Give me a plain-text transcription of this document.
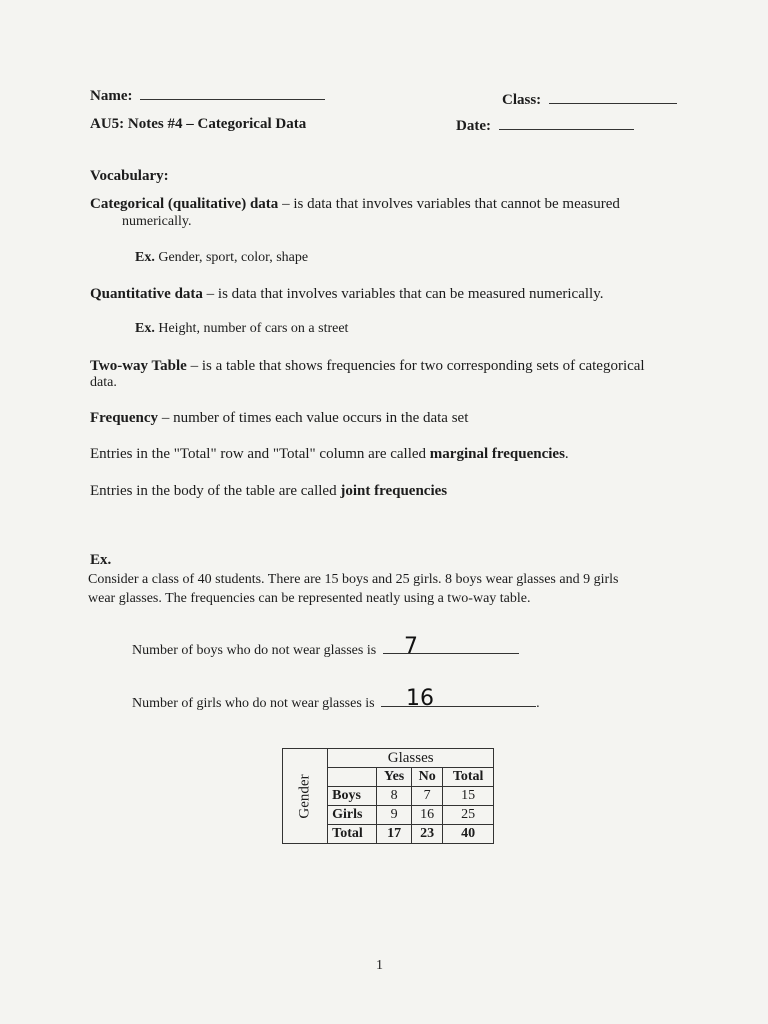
Name:	Class:
AU5: Notes #4 – Categorical Data	Date:
Vocabulary:
Categorical (qualitative) data – is data that involves variables that cannot be measured
numerically.
Ex. Gender, sport, color, shape
Quantitative data – is data that involves variables that can be measured numerically.
Ex. Height, number of cars on a street
Two-way Table – is a table that shows frequencies for two corresponding sets of categorical
data.
Frequency – number of times each value occurs in the data set
Entries in the "Total" row and "Total" column are called marginal frequencies.
Entries in the body of the table are called joint frequencies
Ex.
Consider a class of 40 students. There are 15 boys and 25 girls. 8 boys wear glasses and 9 girls
wear glasses. The frequencies can be represented neatly using a two-way table.
Number of boys who do not wear glasses is	7
Number of girls who do not wear glasses is	.
16
Gender	Glasses			
		Yes	No	Total
	Boys	8	7	15
	Girls	9	16	25
	Total	17	23	40
1
